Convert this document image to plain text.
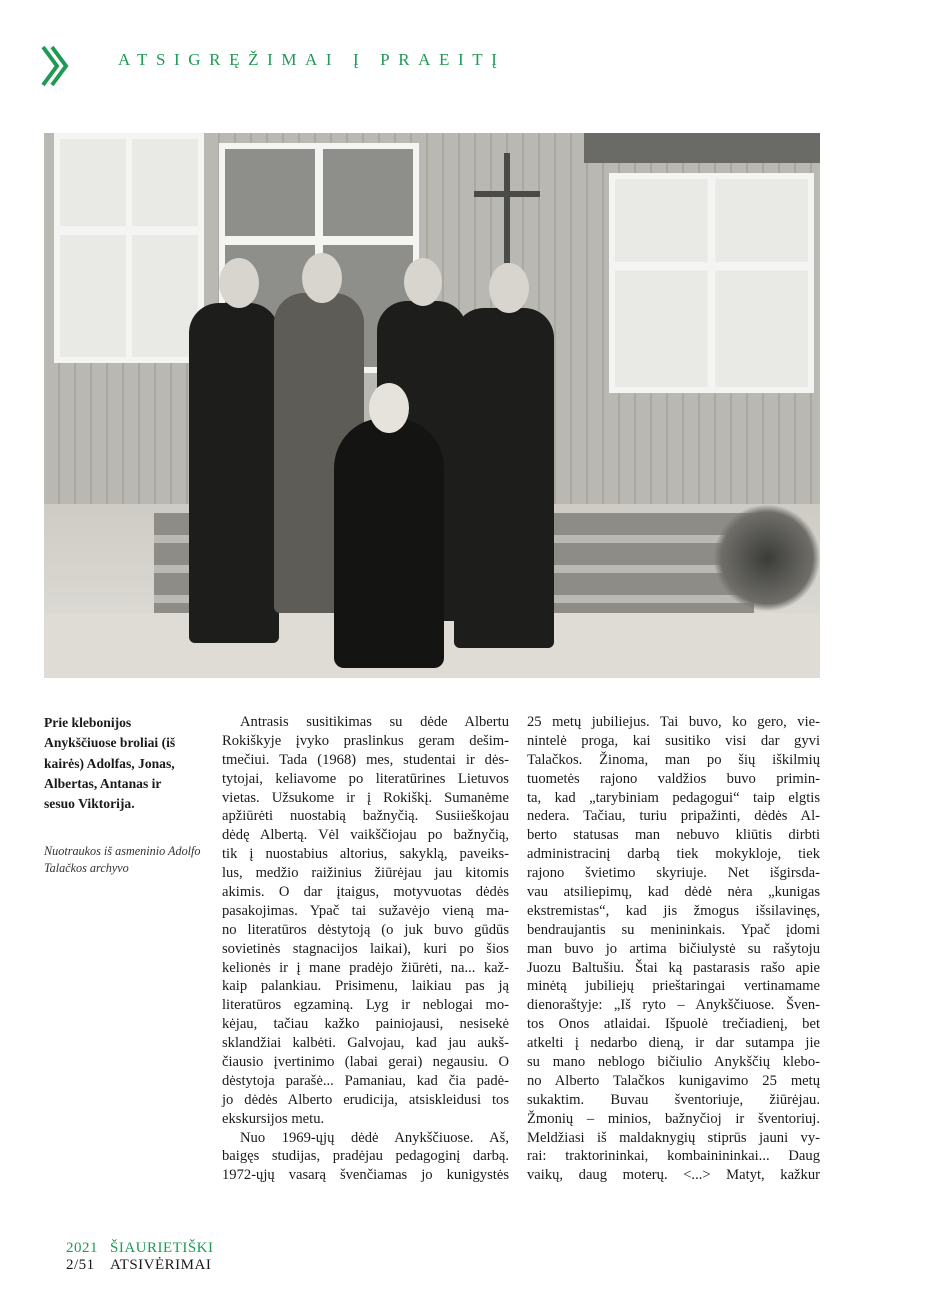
ATSIGRĘŽIMAI Į PRAEITĮ
Prie klebonijos Anykščiuose broliai (iš kairės) Adolfas, Jonas, Albertas, Antanas ir sesuo Viktorija.
Nuotraukos iš asmeninio Adolfo Talačkos archyvo
Antrasis susitikimas su dėde Albertu
Rokiškyje įvyko praslinkus geram dešim-
tmečiui. Tada (1968) mes, studentai ir dės-
tytojai, keliavome po literatūrines Lietuvos
vietas. Užsukome ir į Rokiškį. Sumanėme
apžiūrėti nuostabią bažnyčią. Susiieškojau
dėdę Albertą. Vėl vaikščiojau po bažnyčią,
tik į nuostabius altorius, sakyklą, paveiks-
lus, medžio raižinius žiūrėjau jau kitomis
akimis. O dar įtaigus, motyvuotas dėdės
pasakojimas. Ypač tai sužavėjo vieną ma-
no literatūros dėstytoją (o juk buvo gūdūs
sovietinės stagnacijos laikai), kuri po šios
kelionės ir į mane pradėjo žiūrėti, na... kaž-
kaip palankiau. Prisimenu, laikiau pas ją
literatūros egzaminą. Lyg ir neblogai mo-
kėjau, tačiau kažko painiojausi, nesisekė
sklandžiai kalbėti. Galvojau, kad jau aukš-
čiausio įvertinimo (labai gerai) negausiu. O
dėstytoja parašė... Pamaniau, kad čia padė-
jo dėdės Alberto erudicija, atsiskleidusi tos
ekskursijos metu.
Nuo 1969-ųjų dėdė Anykščiuose. Aš,
baigęs studijas, pradėjau pedagoginį darbą.
1972-ųjų vasarą švenčiamas jo kunigystės
25 metų jubiliejus. Tai buvo, ko gero, vie-
nintelė proga, kai susitiko visi dar gyvi
Talačkos. Žinoma, man po šių iškilmių
tuometės rajono valdžios buvo primin-
ta, kad „tarybiniam pedagogui“ taip elgtis
nedera. Tačiau, turiu pripažinti, dėdės Al-
berto statusas man nebuvo kliūtis dirbti
administracinį darbą tiek mokykloje, tiek
rajono švietimo skyriuje. Net išgirsda-
vau atsiliepimų, kad dėdė nėra „kunigas
ekstremistas“, kad jis žmogus išsilavinęs,
bendraujantis su menininkais. Ypač įdomi
man buvo jo artima bičiulystė su rašytoju
Juozu Baltušiu. Štai ką pastarasis rašo apie
minėtą jubiliejų prieštaringai vertinamame
dienoraštyje: „Iš ryto – Anykščiuose. Šven-
tos Onos atlaidai. Išpuolė trečiadienį, bet
atkelti į nedarbo dieną, ir dar sutampa jie
su mano neblogo bičiulio Anykščių klebo-
no Alberto Talačkos kunigavimo 25 metų
sukaktim. Buvau šventoriuje, žiūrėjau.
Žmonių – minios, bažnyčioj ir šventoriuj.
Meldžiasi iš maldaknygių stiprūs jauni vy-
rai: traktorininkai, kombainininkai... Daug
vaikų, daug moterų. <...> Matyt, kažkur
2021 ŠIAURIETIŠKI
2/51 ATSIVĖRIMAI
